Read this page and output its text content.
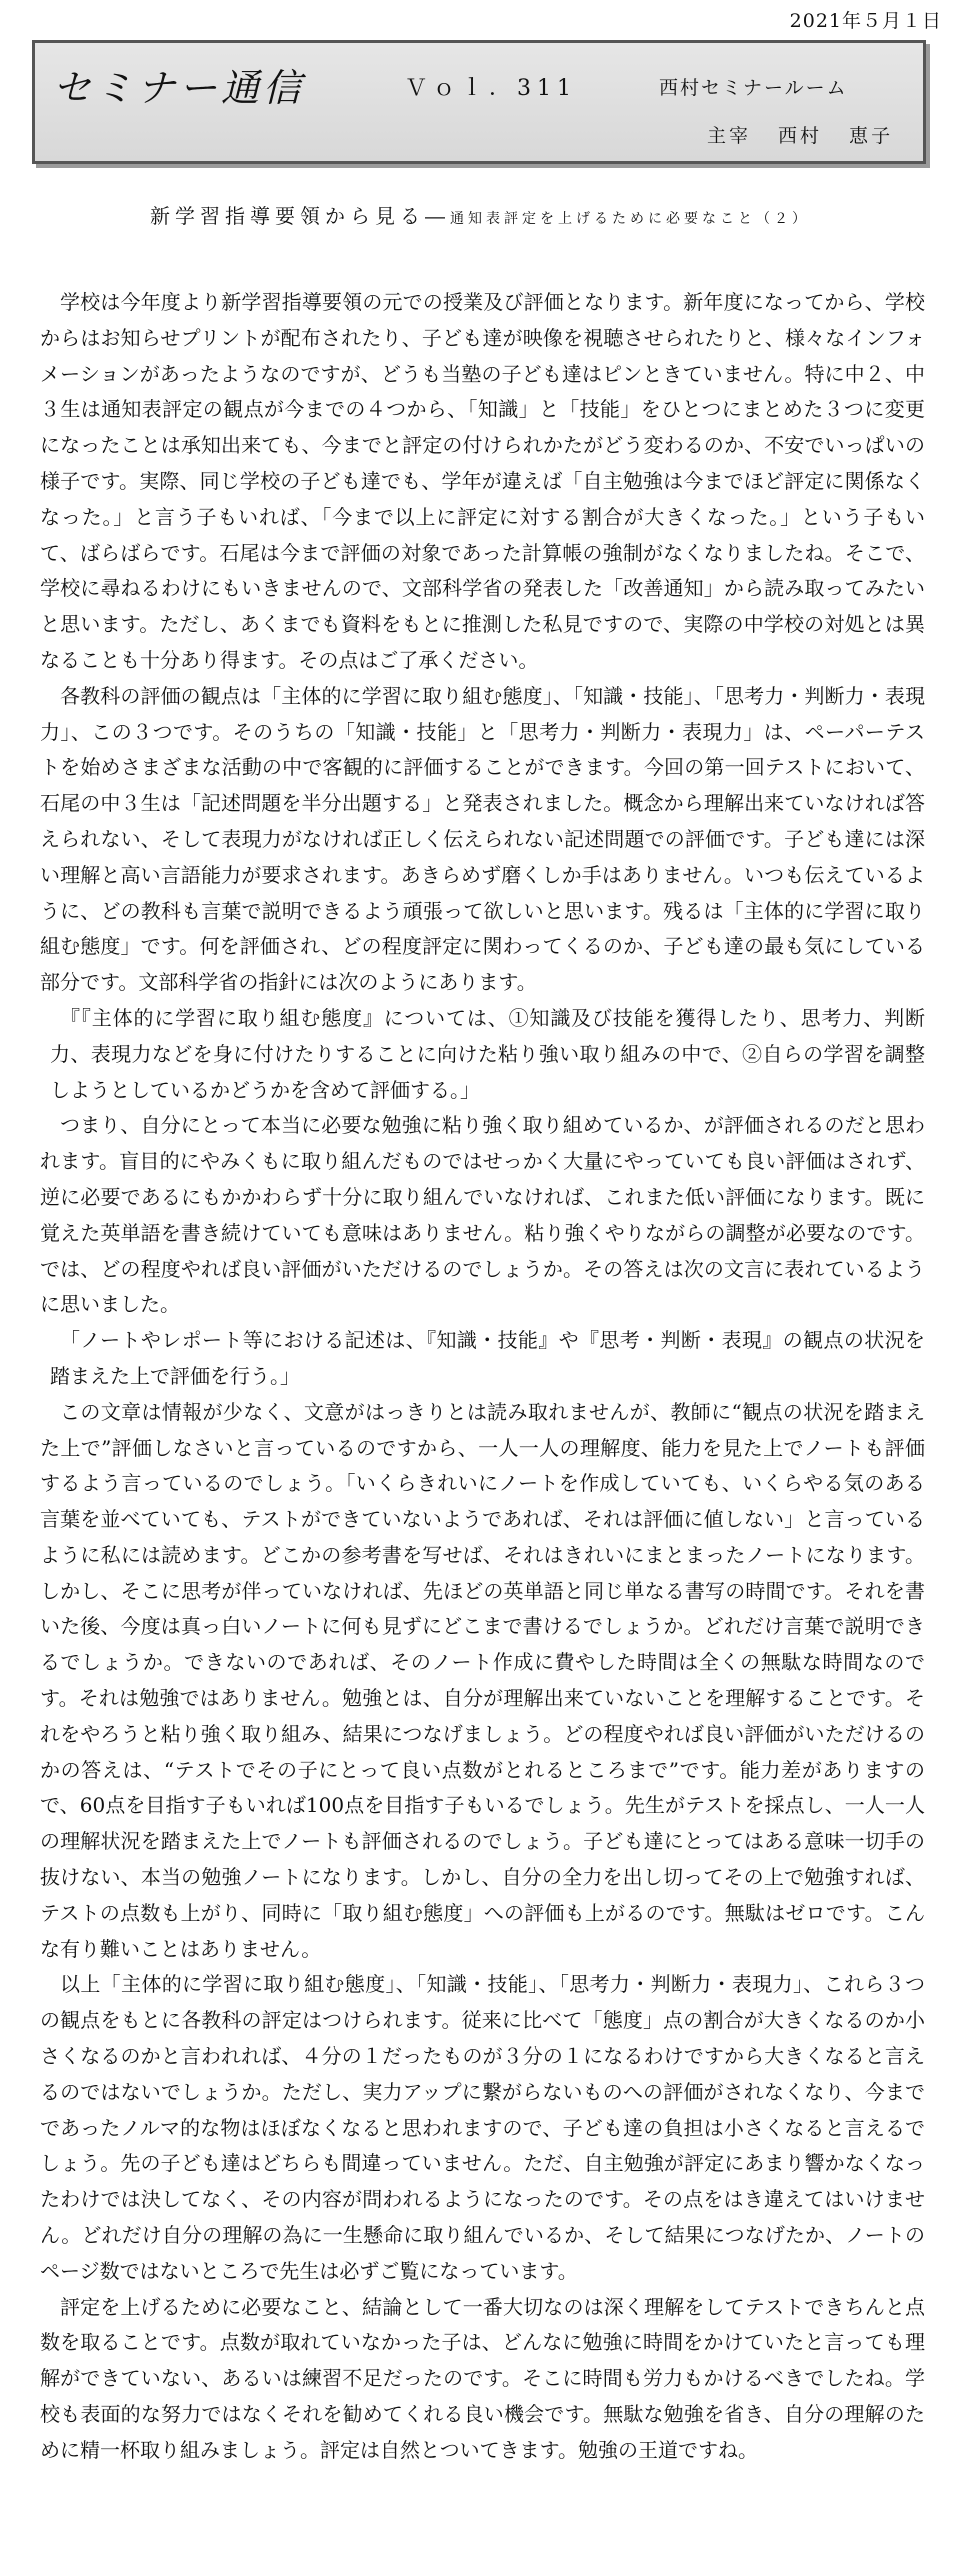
2021年５月１日
セミナー通信	Ｖｏｌ．311	西村セミナールーム
主宰 西村 恵子
新学習指導要領から見る―通知表評定を上げるために必要なこと（２）

学校は今年度より新学習指導要領の元での授業及び評価となります。新年度になってから、学校からはお知らせプリントが配布されたり、子ども達が映像を視聴させられたりと、様々なインフォメーションがあったようなのですが、どうも当塾の子ども達はピンときていません。特に中２、中３生は通知表評定の観点が今までの４つから、「知識」と「技能」をひとつにまとめた３つに変更になったことは承知出来ても、今までと評定の付けられかたがどう変わるのか、不安でいっぱいの様子です。実際、同じ学校の子ども達でも、学年が違えば「自主勉強は今までほど評定に関係なくなった。」と言う子もいれば、「今まで以上に評定に対する割合が大きくなった。」という子もいて、ばらばらです。石尾は今まで評価の対象であった計算帳の強制がなくなりましたね。そこで、学校に尋ねるわけにもいきませんので、文部科学省の発表した「改善通知」から読み取ってみたいと思います。ただし、あくまでも資料をもとに推測した私見ですので、実際の中学校の対処とは異なることも十分あり得ます。その点はご了承ください。

各教科の評価の観点は「主体的に学習に取り組む態度」、「知識・技能」、「思考力・判断力・表現力」、この３つです。そのうちの「知識・技能」と「思考力・判断力・表現力」は、ペーパーテストを始めさまざまな活動の中で客観的に評価することができます。今回の第一回テストにおいて、石尾の中３生は「記述問題を半分出題する」と発表されました。概念から理解出来ていなければ答えられない、そして表現力がなければ正しく伝えられない記述問題での評価です。子ども達には深い理解と高い言語能力が要求されます。あきらめず磨くしか手はありません。いつも伝えているように、どの教科も言葉で説明できるよう頑張って欲しいと思います。残るは「主体的に学習に取り組む態度」です。何を評価され、どの程度評定に関わってくるのか、子ども達の最も気にしている部分です。文部科学省の指針には次のようにあります。

『『主体的に学習に取り組む態度』については、①知識及び技能を獲得したり、思考力、判断力、表現力などを身に付けたりすることに向けた粘り強い取り組みの中で、②自らの学習を調整しようとしているかどうかを含めて評価する。」

つまり、自分にとって本当に必要な勉強に粘り強く取り組めているか、が評価されるのだと思われます。盲目的にやみくもに取り組んだものではせっかく大量にやっていても良い評価はされず、逆に必要であるにもかかわらず十分に取り組んでいなければ、これまた低い評価になります。既に覚えた英単語を書き続けていても意味はありません。粘り強くやりながらの調整が必要なのです。では、どの程度やれば良い評価がいただけるのでしょうか。その答えは次の文言に表れているように思いました。

「ノートやレポート等における記述は、『知識・技能』や『思考・判断・表現』の観点の状況を踏まえた上で評価を行う。」

この文章は情報が少なく、文意がはっきりとは読み取れませんが、教師に“観点の状況を踏まえた上で”評価しなさいと言っているのですから、一人一人の理解度、能力を見た上でノートも評価するよう言っているのでしょう。「いくらきれいにノートを作成していても、いくらやる気のある言葉を並べていても、テストができていないようであれば、それは評価に値しない」と言っているように私には読めます。どこかの参考書を写せば、それはきれいにまとまったノートになります。しかし、そこに思考が伴っていなければ、先ほどの英単語と同じ単なる書写の時間です。それを書いた後、今度は真っ白いノートに何も見ずにどこまで書けるでしょうか。どれだけ言葉で説明できるでしょうか。できないのであれば、そのノート作成に費やした時間は全くの無駄な時間なのです。それは勉強ではありません。勉強とは、自分が理解出来ていないことを理解することです。それをやろうと粘り強く取り組み、結果につなげましょう。どの程度やれば良い評価がいただけるのかの答えは、“テストでその子にとって良い点数がとれるところまで”です。能力差がありますので、60点を目指す子もいれば100点を目指す子もいるでしょう。先生がテストを採点し、一人一人の理解状況を踏まえた上でノートも評価されるのでしょう。子ども達にとってはある意味一切手の抜けない、本当の勉強ノートになります。しかし、自分の全力を出し切ってその上で勉強すれば、テストの点数も上がり、同時に「取り組む態度」への評価も上がるのです。無駄はゼロです。こんな有り難いことはありません。

以上「主体的に学習に取り組む態度」、「知識・技能」、「思考力・判断力・表現力」、これら３つの観点をもとに各教科の評定はつけられます。従来に比べて「態度」点の割合が大きくなるのか小さくなるのかと言われれば、４分の１だったものが３分の１になるわけですから大きくなると言えるのではないでしょうか。ただし、実力アップに繋がらないものへの評価がされなくなり、今までであったノルマ的な物はほぼなくなると思われますので、子ども達の負担は小さくなると言えるでしょう。先の子ども達はどちらも間違っていません。ただ、自主勉強が評定にあまり響かなくなったわけでは決してなく、その内容が問われるようになったのです。その点をはき違えてはいけません。どれだけ自分の理解の為に一生懸命に取り組んでいるか、そして結果につなげたか、ノートのページ数ではないところで先生は必ずご覧になっています。

評定を上げるために必要なこと、結論として一番大切なのは深く理解をしてテストできちんと点数を取ることです。点数が取れていなかった子は、どんなに勉強に時間をかけていたと言っても理解ができていない、あるいは練習不足だったのです。そこに時間も労力もかけるべきでしたね。学校も表面的な努力ではなくそれを勧めてくれる良い機会です。無駄な勉強を省き、自分の理解のために精一杯取り組みましょう。評定は自然とついてきます。勉強の王道ですね。
